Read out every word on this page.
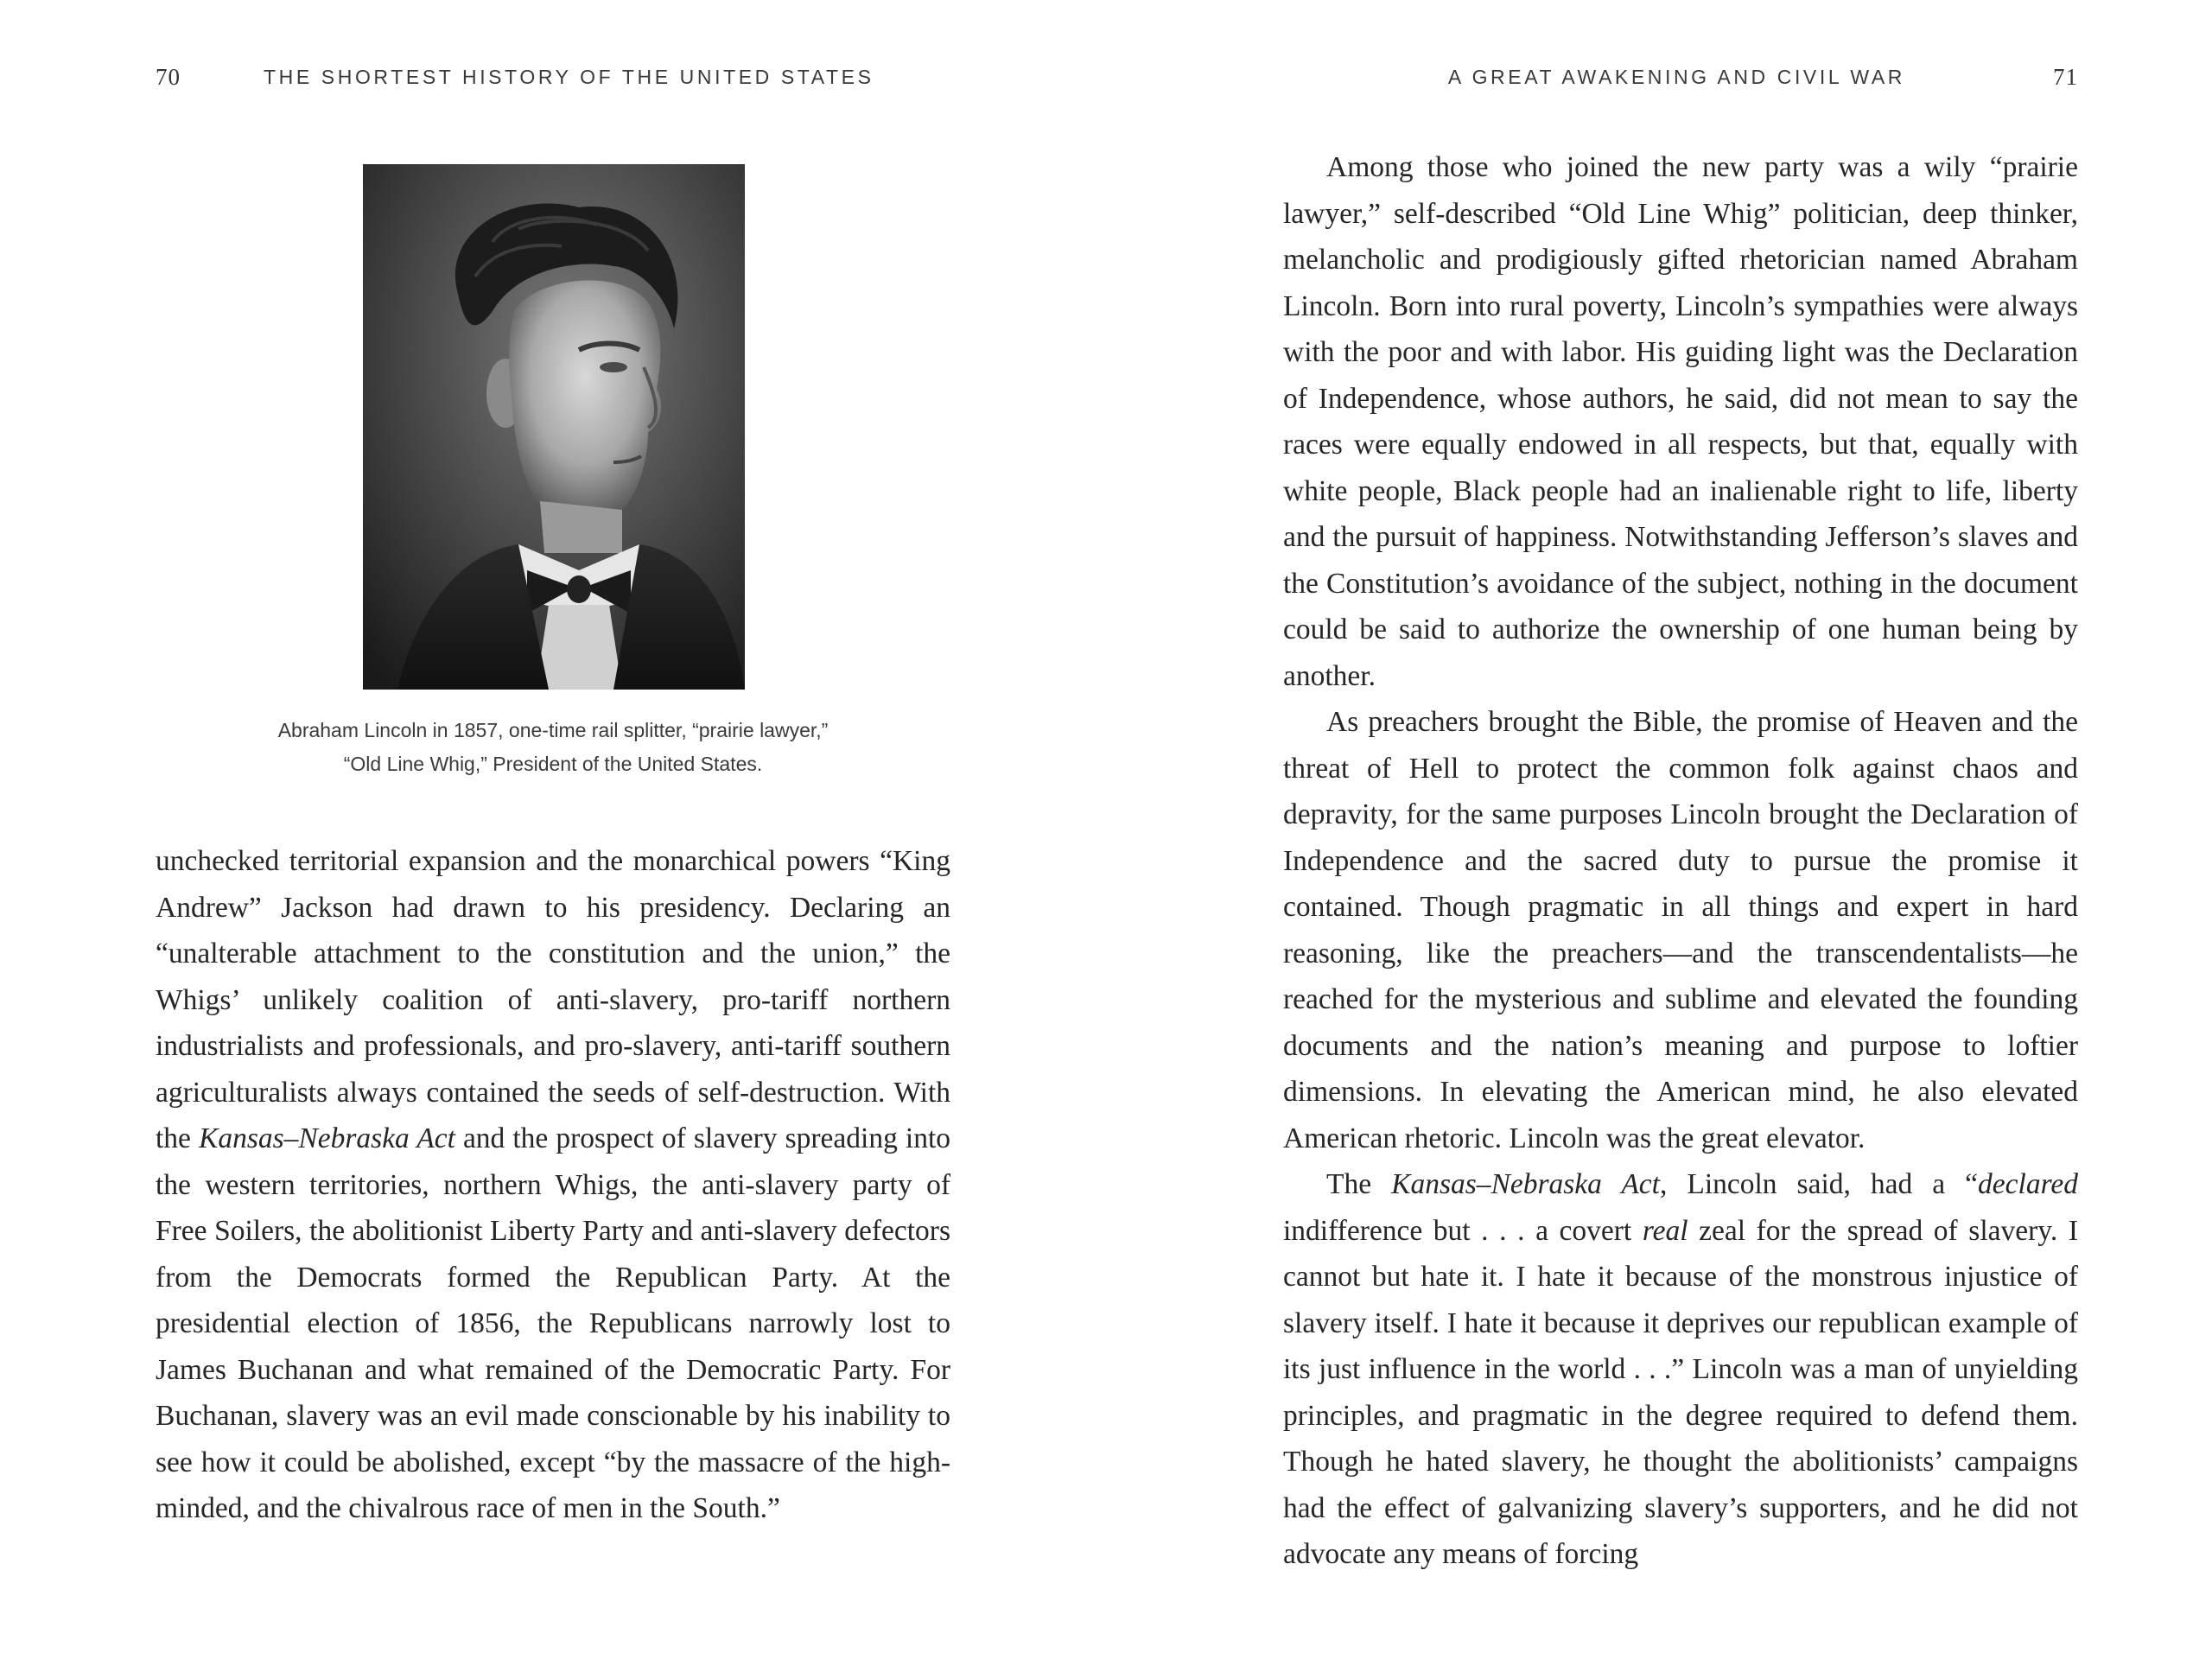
70	THE SHORTEST HISTORY OF THE UNITED STATES
Abraham Lincoln in 1857, one-time rail splitter, “prairie lawyer,”
“Old Line Whig,” President of the United States.

unchecked territorial expansion and the monarchical powers “King Andrew” Jackson had drawn to his presidency. Declaring an “unalterable attachment to the constitution and the union,” the Whigs’ unlikely coalition of anti-slavery, pro-tariff northern industrialists and professionals, and pro-slavery, anti-tariff southern agriculturalists always contained the seeds of self-destruction. With the Kansas–Nebraska Act and the prospect of slavery spreading into the western territories, northern Whigs, the anti-slavery party of Free Soilers, the abolitionist Liberty Party and anti-slavery defectors from the Democrats formed the Republican Party. At the presidential election of 1856, the Republicans narrowly lost to James Buchanan and what remained of the Democratic Party. For Buchanan, slavery was an evil made conscionable by his inability to see how it could be abolished, except “by the massacre of the high-minded, and the chivalrous race of men in the South.”

A GREAT AWAKENING AND CIVIL WAR	71

Among those who joined the new party was a wily “prairie lawyer,” self-described “Old Line Whig” politician, deep thinker, melancholic and prodigiously gifted rhetorician named Abraham Lincoln. Born into rural poverty, Lincoln’s sympathies were always with the poor and with labor. His guiding light was the Declaration of Independence, whose authors, he said, did not mean to say the races were equally endowed in all respects, but that, equally with white people, Black people had an inalienable right to life, liberty and the pursuit of happiness. Notwithstanding Jefferson’s slaves and the Constitution’s avoidance of the subject, nothing in the document could be said to authorize the ownership of one human being by another.

As preachers brought the Bible, the promise of Heaven and the threat of Hell to protect the common folk against chaos and depravity, for the same purposes Lincoln brought the Declaration of Independence and the sacred duty to pursue the promise it contained. Though pragmatic in all things and expert in hard reasoning, like the preachers—and the transcendentalists—he reached for the mysterious and sublime and elevated the founding documents and the nation’s meaning and purpose to loftier dimensions. In elevating the American mind, he also elevated American rhetoric. Lincoln was the great elevator.

The Kansas–Nebraska Act, Lincoln said, had a “declared indifference but . . . a covert real zeal for the spread of slavery. I cannot but hate it. I hate it because of the monstrous injustice of slavery itself. I hate it because it deprives our republican example of its just influence in the world . . .” Lincoln was a man of unyielding principles, and pragmatic in the degree required to defend them. Though he hated slavery, he thought the abolitionists’ campaigns had the effect of galvanizing slavery’s supporters, and he did not advocate any means of forcing
